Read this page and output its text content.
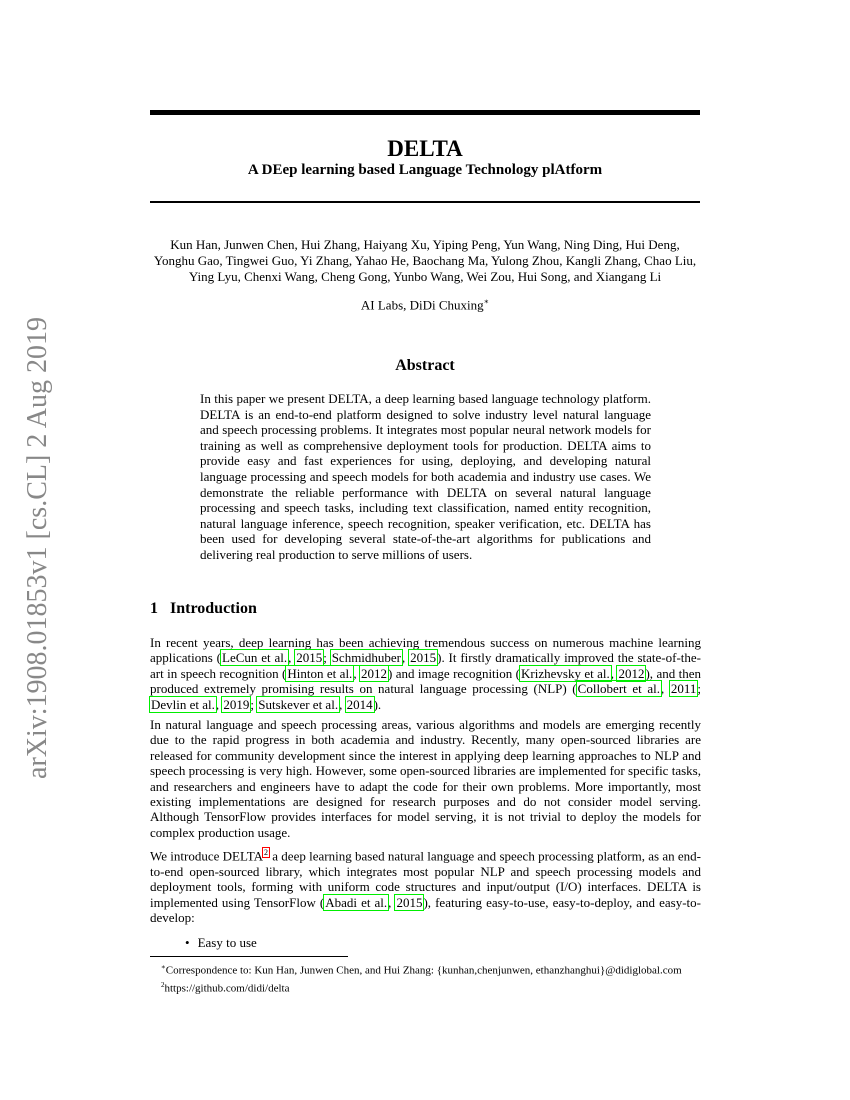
arXiv:1908.01853v1 [cs.CL] 2 Aug 2019
DELTA
A DEep learning based Language Technology plAtform
Kun Han, Junwen Chen, Hui Zhang, Haiyang Xu, Yiping Peng, Yun Wang, Ning Ding, Hui Deng, Yonghu Gao, Tingwei Guo, Yi Zhang, Yahao He, Baochang Ma, Yulong Zhou, Kangli Zhang, Chao Liu, Ying Lyu, Chenxi Wang, Cheng Gong, Yunbo Wang, Wei Zou, Hui Song, and Xiangang Li
AI Labs, DiDi Chuxing∗
Abstract
In this paper we present DELTA, a deep learning based language technology platform. DELTA is an end-to-end platform designed to solve industry level natural language and speech processing problems. It integrates most popular neural network models for training as well as comprehensive deployment tools for production. DELTA aims to provide easy and fast experiences for using, deploying, and developing natural language processing and speech models for both academia and industry use cases. We demonstrate the reliable performance with DELTA on several natural language processing and speech tasks, including text classification, named entity recognition, natural language inference, speech recognition, speaker verification, etc. DELTA has been used for developing several state-of-the-art algorithms for publications and delivering real production to serve millions of users.
1 Introduction

In recent years, deep learning has been achieving tremendous success on numerous machine learning applications (LeCun et al., 2015; Schmidhuber, 2015). It firstly dramatically improved the state-of-the-art in speech recognition (Hinton et al., 2012) and image recognition (Krizhevsky et al., 2012), and then produced extremely promising results on natural language processing (NLP) (Collobert et al., 2011; Devlin et al., 2019; Sutskever et al., 2014).

In natural language and speech processing areas, various algorithms and models are emerging recently due to the rapid progress in both academia and industry. Recently, many open-sourced libraries are released for community development since the interest in applying deep learning approaches to NLP and speech processing is very high. However, some open-sourced libraries are implemented for specific tasks, and researchers and engineers have to adapt the code for their own problems. More importantly, most existing implementations are designed for research purposes and do not consider model serving. Although TensorFlow provides interfaces for model serving, it is not trivial to deploy the models for complex production usage.

We introduce DELTA$^2$ a deep learning based natural language and speech processing platform, as an end-to-end open-sourced library, which integrates most popular NLP and speech processing models and deployment tools, forming with uniform code structures and input/output (I/O) interfaces. DELTA is implemented using TensorFlow (Abadi et al., 2015), featuring easy-to-use, easy-to-deploy, and easy-to-develop:

• Easy to use

∗Correspondence to: Kun Han, Junwen Chen, and Hui Zhang: {kunhan,chenjunwen, ethanzhanghui}@didiglobal.com

$^2$https://github.com/didi/delta
